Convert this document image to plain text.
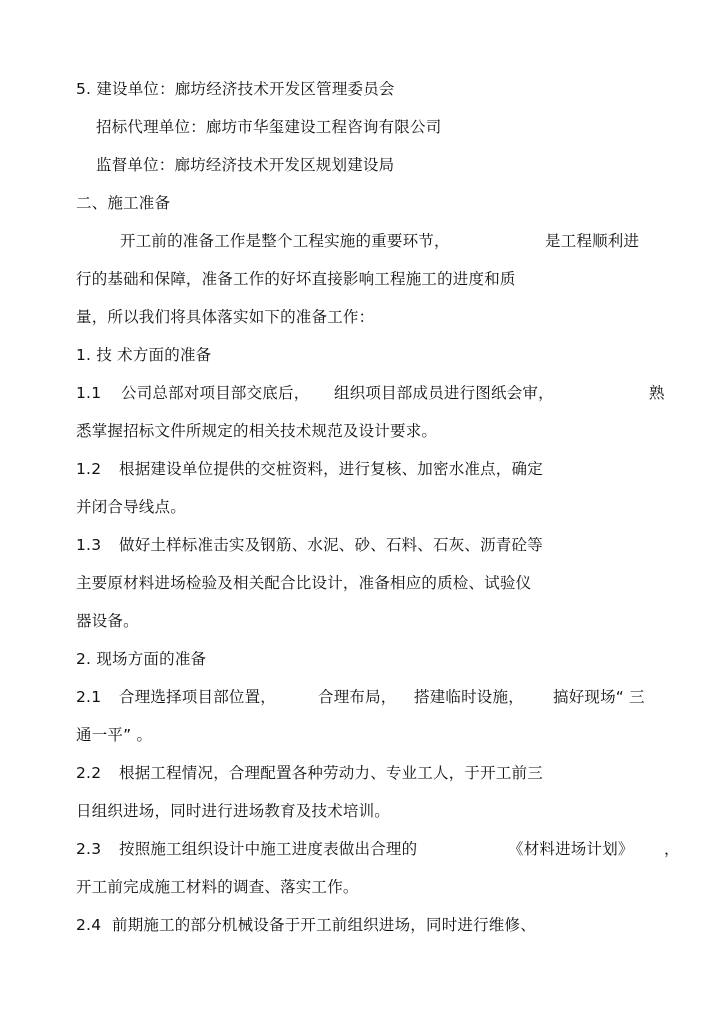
5. 建设单位：廊坊经济技术开发区管理委员会
招标代理单位：廊坊市华玺建设工程咨询有限公司
监督单位：廊坊经济技术开发区规划建设局
二、施工准备
开工前的准备工作是整个工程实施的重要环节，	是工程顺利进
行的基础和保障，准备工作的好坏直接影响工程施工的进度和质
量，所以我们将具体落实如下的准备工作：
1. 技 术方面的准备
1.1 公司总部对项目部交底后， 组织项目部成员进行图纸会审，	熟
悉掌握招标文件所规定的相关技术规范及设计要求。
1.2 根据建设单位提供的交桩资料，进行复核、加密水准点，确定
并闭合导线点。
1.3 做好土样标准击实及钢筋、水泥、砂、石料、石灰、沥青砼等
主要原材料进场检验及相关配合比设计，准备相应的质检、试验仪
器设备。
2. 现场方面的准备
2.1 合理选择项目部位置，	合理布局， 搭建临时设施， 搞好现场“ 三
通一平” 。
2.2 根据工程情况，合理配置各种劳动力、专业工人，于开工前三
日组织进场，同时进行进场教育及技术培训。
2.3 按照施工组织设计中施工进度表做出合理的	《材料进场计划》 ，
开工前完成施工材料的调查、落实工作。
2.4 前期施工的部分机械设备于开工前组织进场，同时进行维修、
